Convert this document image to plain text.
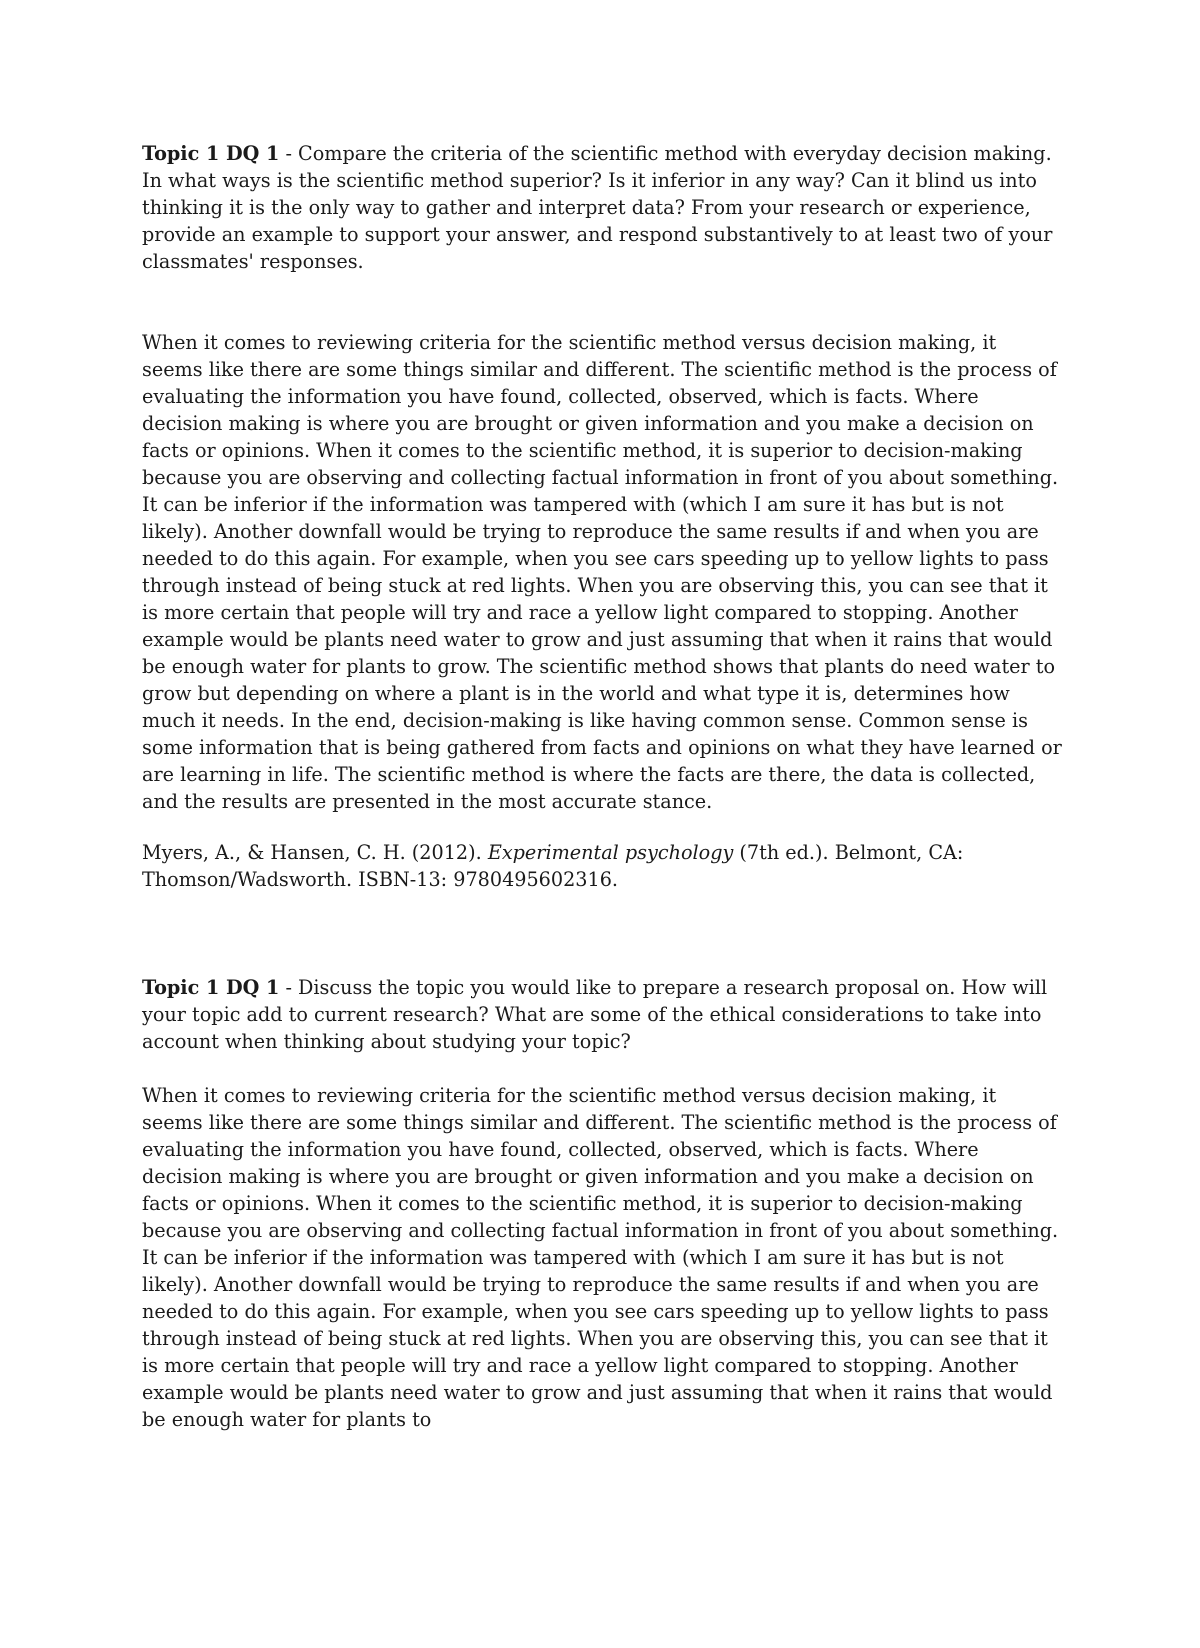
Topic 1 DQ 1 - Compare the criteria of the scientific method with everyday decision making. In what ways is the scientific method superior? Is it inferior in any way? Can it blind us into thinking it is the only way to gather and interpret data? From your research or experience, provide an example to support your answer, and respond substantively to at least two of your classmates' responses.

When it comes to reviewing criteria for the scientific method versus decision making, it seems like there are some things similar and different. The scientific method is the process of evaluating the information you have found, collected, observed, which is facts. Where decision making is where you are brought or given information and you make a decision on facts or opinions. When it comes to the scientific method, it is superior to decision-making because you are observing and collecting factual information in front of you about something. It can be inferior if the information was tampered with (which I am sure it has but is not likely). Another downfall would be trying to reproduce the same results if and when you are needed to do this again. For example, when you see cars speeding up to yellow lights to pass through instead of being stuck at red lights. When you are observing this, you can see that it is more certain that people will try and race a yellow light compared to stopping. Another example would be plants need water to grow and just assuming that when it rains that would be enough water for plants to grow. The scientific method shows that plants do need water to grow but depending on where a plant is in the world and what type it is, determines how much it needs. In the end, decision-making is like having common sense. Common sense is some information that is being gathered from facts and opinions on what they have learned or are learning in life. The scientific method is where the facts are there, the data is collected, and the results are presented in the most accurate stance.

Myers, A., & Hansen, C. H. (2012). Experimental psychology (7th ed.). Belmont, CA: Thomson/Wadsworth. ISBN-13: 9780495602316.

Topic 1 DQ 1 - Discuss the topic you would like to prepare a research proposal on. How will your topic add to current research? What are some of the ethical considerations to take into account when thinking about studying your topic?

When it comes to reviewing criteria for the scientific method versus decision making, it seems like there are some things similar and different. The scientific method is the process of evaluating the information you have found, collected, observed, which is facts. Where decision making is where you are brought or given information and you make a decision on facts or opinions. When it comes to the scientific method, it is superior to decision-making because you are observing and collecting factual information in front of you about something. It can be inferior if the information was tampered with (which I am sure it has but is not likely). Another downfall would be trying to reproduce the same results if and when you are needed to do this again. For example, when you see cars speeding up to yellow lights to pass through instead of being stuck at red lights. When you are observing this, you can see that it is more certain that people will try and race a yellow light compared to stopping. Another example would be plants need water to grow and just assuming that when it rains that would be enough water for plants to
